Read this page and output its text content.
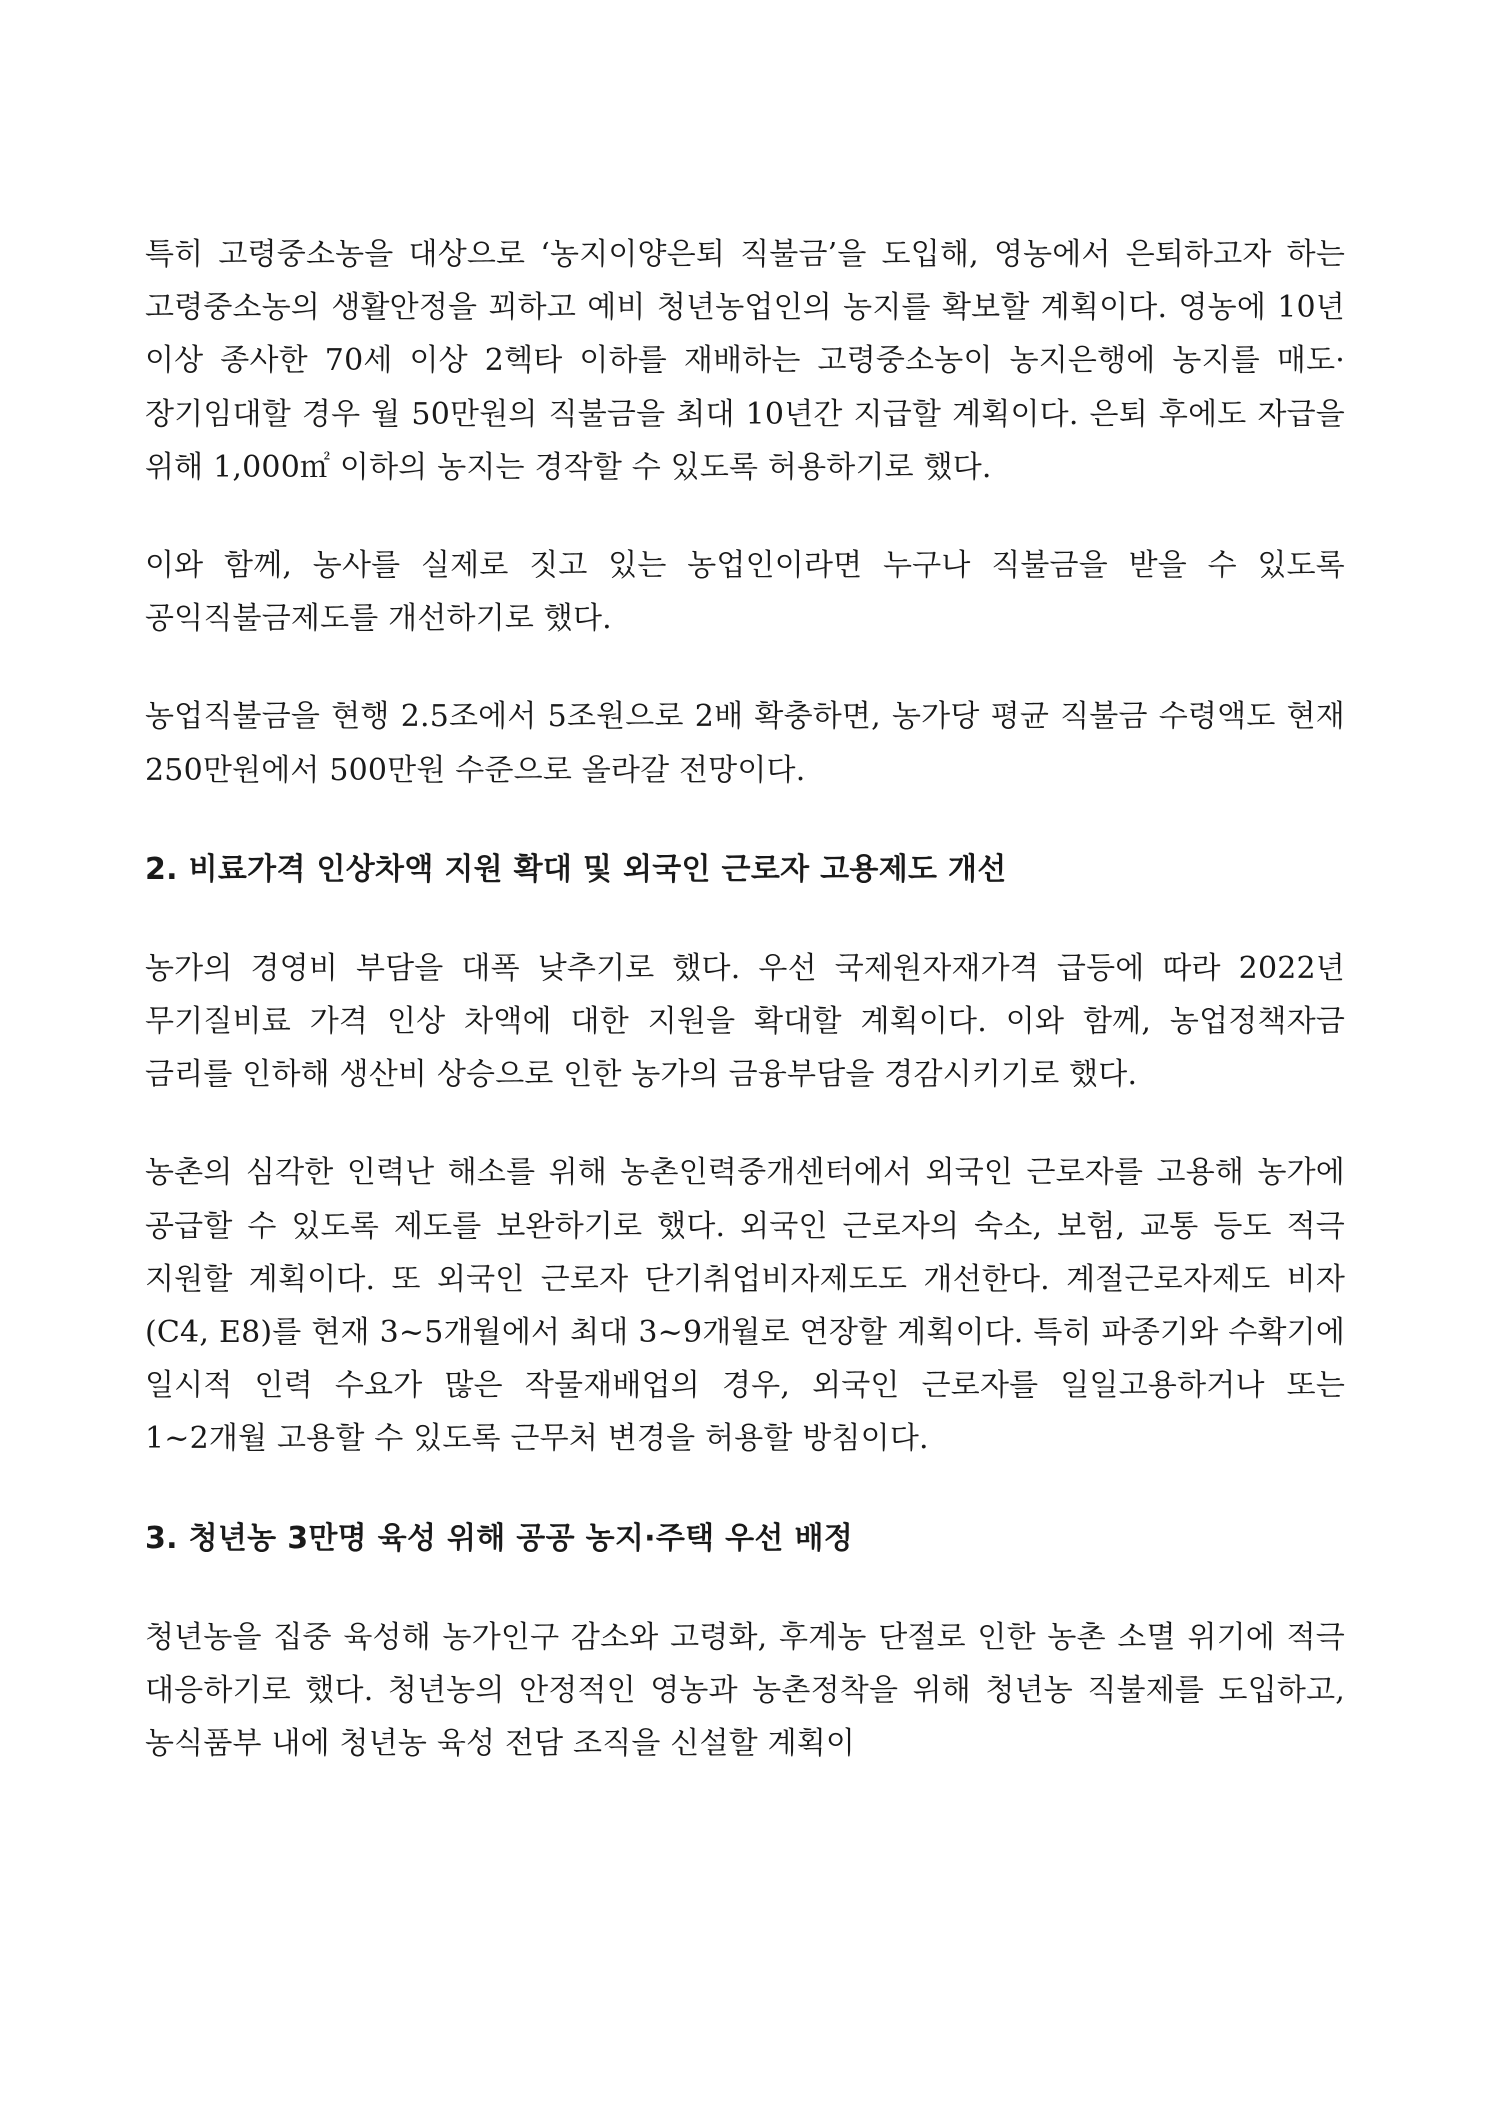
특히 고령중소농을 대상으로 ‘농지이양은퇴 직불금’을 도입해, 영농에서 은퇴하고자 하는 고령중소농의 생활안정을 꾀하고 예비 청년농업인의 농지를 확보할 계획이다. 영농에 10년 이상 종사한 70세 이상 2헥타 이하를 재배하는 고령중소농이 농지은행에 농지를 매도·장기임대할 경우 월 50만원의 직불금을 최대 10년간 지급할 계획이다. 은퇴 후에도 자급을 위해 1,000㎡ 이하의 농지는 경작할 수 있도록 허용하기로 했다.

이와 함께, 농사를 실제로 짓고 있는 농업인이라면 누구나 직불금을 받을 수 있도록 공익직불금제도를 개선하기로 했다.

농업직불금을 현행 2.5조에서 5조원으로 2배 확충하면, 농가당 평균 직불금 수령액도 현재 250만원에서 500만원 수준으로 올라갈 전망이다.

2. 비료가격 인상차액 지원 확대 및 외국인 근로자 고용제도 개선

농가의 경영비 부담을 대폭 낮추기로 했다. 우선 국제원자재가격 급등에 따라 2022년 무기질비료 가격 인상 차액에 대한 지원을 확대할 계획이다. 이와 함께, 농업정책자금 금리를 인하해 생산비 상승으로 인한 농가의 금융부담을 경감시키기로 했다.

농촌의 심각한 인력난 해소를 위해 농촌인력중개센터에서 외국인 근로자를 고용해 농가에 공급할 수 있도록 제도를 보완하기로 했다. 외국인 근로자의 숙소, 보험, 교통 등도 적극 지원할 계획이다. 또 외국인 근로자 단기취업비자제도도 개선한다. 계절근로자제도 비자(C4, E8)를 현재 3~5개월에서 최대 3~9개월로 연장할 계획이다. 특히 파종기와 수확기에 일시적 인력 수요가 많은 작물재배업의 경우, 외국인 근로자를 일일고용하거나 또는 1~2개월 고용할 수 있도록 근무처 변경을 허용할 방침이다.

3. 청년농 3만명 육성 위해 공공 농지·주택 우선 배정

청년농을 집중 육성해 농가인구 감소와 고령화, 후계농 단절로 인한 농촌 소멸 위기에 적극 대응하기로 했다. 청년농의 안정적인 영농과 농촌정착을 위해 청년농 직불제를 도입하고, 농식품부 내에 청년농 육성 전담 조직을 신설할 계획이
